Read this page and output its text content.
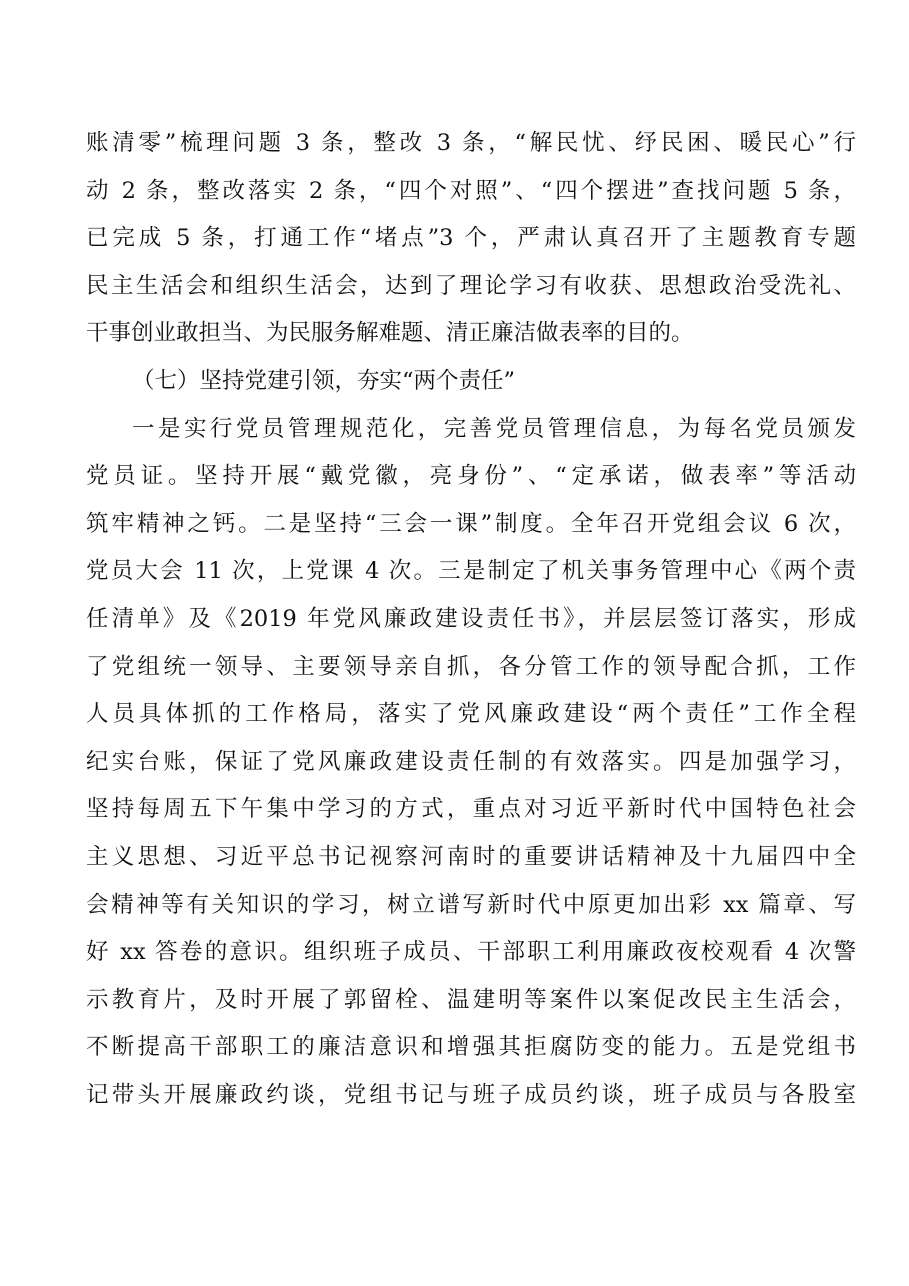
账清零”梳理问题 3 条，整改 3 条，“解民忧、纾民困、暖民心”行
动 2 条，整改落实 2 条，“四个对照”、“四个摆进”查找问题 5 条，
已完成 5 条，打通工作“堵点”3 个，严肃认真召开了主题教育专题
民主生活会和组织生活会，达到了理论学习有收获、思想政治受洗礼、
干事创业敢担当、为民服务解难题、清正廉洁做表率的目的。
（七）坚持党建引领，夯实“两个责任”
一是实行党员管理规范化，完善党员管理信息，为每名党员颁发
党员证。坚持开展“戴党徽，亮身份”、“定承诺，做表率”等活动
筑牢精神之钙。二是坚持“三会一课”制度。全年召开党组会议 6 次，
党员大会 11 次，上党课 4 次。三是制定了机关事务管理中心《两个责
任清单》及《2019 年党风廉政建设责任书》，并层层签订落实，形成
了党组统一领导、主要领导亲自抓，各分管工作的领导配合抓，工作
人员具体抓的工作格局，落实了党风廉政建设“两个责任”工作全程
纪实台账，保证了党风廉政建设责任制的有效落实。四是加强学习，
坚持每周五下午集中学习的方式，重点对习近平新时代中国特色社会
主义思想、习近平总书记视察河南时的重要讲话精神及十九届四中全
会精神等有关知识的学习，树立谱写新时代中原更加出彩 xx 篇章、写
好 xx 答卷的意识。组织班子成员、干部职工利用廉政夜校观看 4 次警
示教育片，及时开展了郭留栓、温建明等案件以案促改民主生活会，
不断提高干部职工的廉洁意识和增强其拒腐防变的能力。五是党组书
记带头开展廉政约谈，党组书记与班子成员约谈，班子成员与各股室
